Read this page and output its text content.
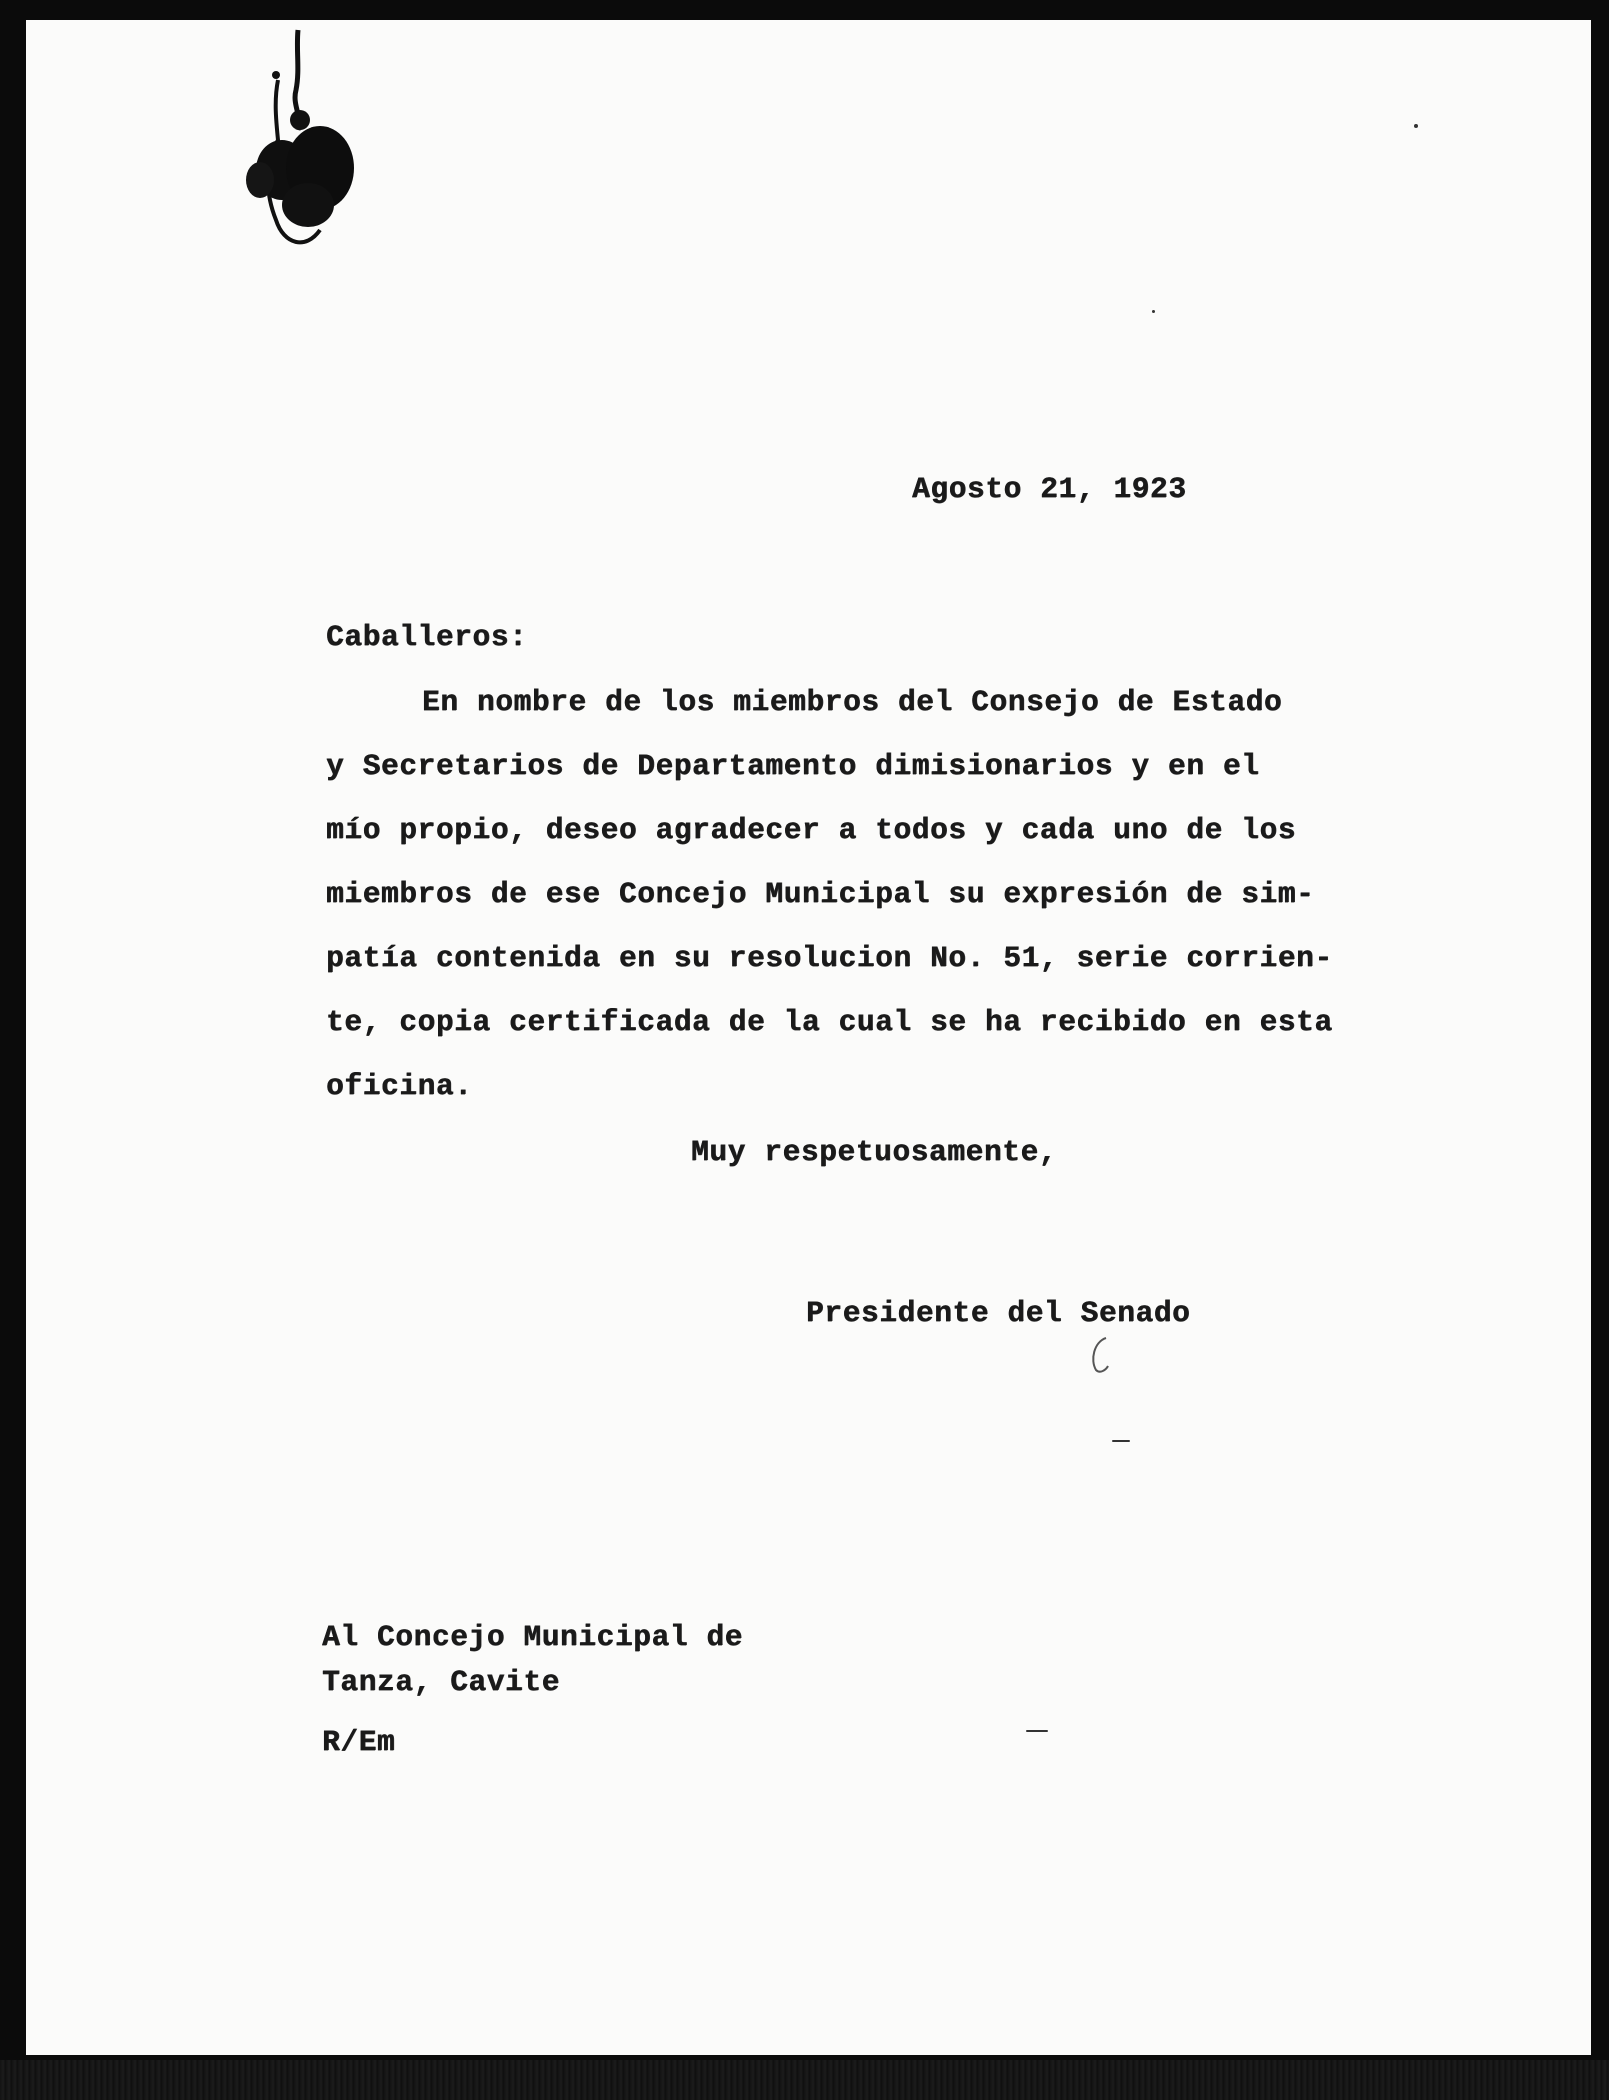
Agosto 21, 1923
Caballeros:
En nombre de los miembros del Consejo de Estado
y Secretarios de Departamento dimisionarios y en el
mío propio, deseo agradecer a todos y cada uno de los
miembros de ese Concejo Municipal su expresión de sim-
patía contenida en su resolucion No. 51, serie corrien-
te, copia certificada de la cual se ha recibido en esta
oficina.
Muy respetuosamente,
Presidente del Senado
Al Concejo Municipal de
Tanza, Cavite
R/Em
